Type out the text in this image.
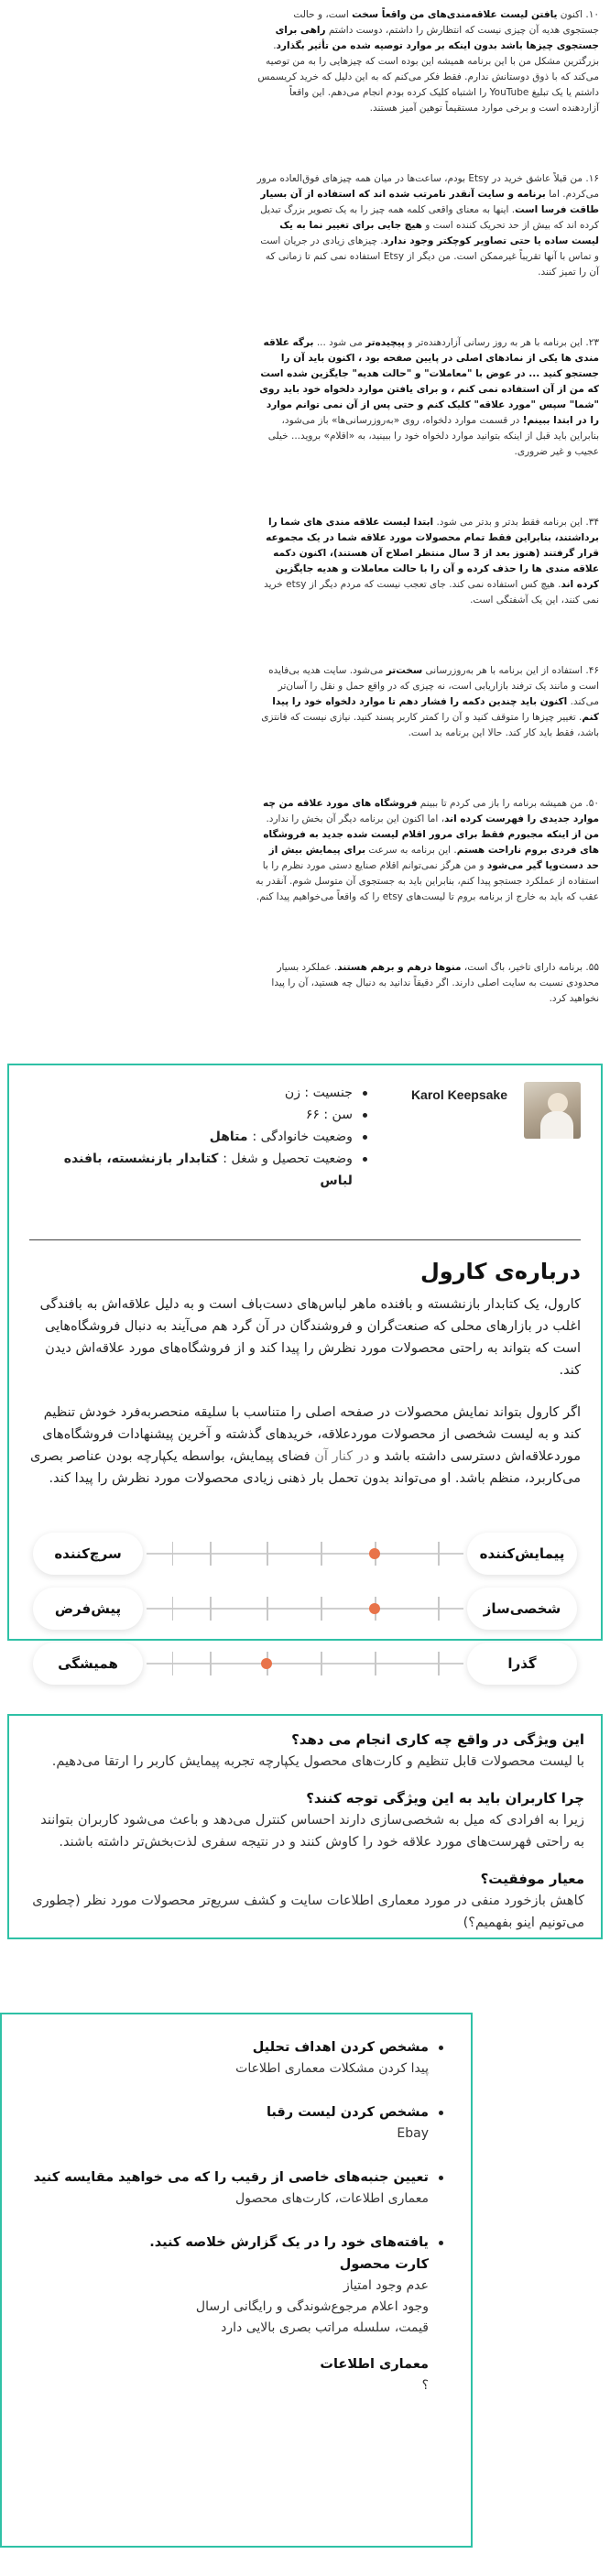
۱۰. اکنون یافتن لیست علاقه‌مندی‌های من واقعاً سخت است، و حالت جستجوی هدیه آن چیزی نیست که انتظارش را داشتم، دوست داشتم راهی برای جستجوی چیزها باشد بدون اینکه بر موارد توصیه شده من تأثیر بگذارد. بزرگترین مشکل من با این برنامه همیشه این بوده است که چیزهایی را به من توصیه می‌کند که با ذوق دوستانش ندارم. فقط فکر می‌کنم که به این دلیل که خرید کریسمس داشتم یا یک تبلیغ YouTube را اشتباه کلیک کرده بودم انجام می‌دهم. این واقعاً آزاردهنده است و برخی موارد مستقیماً توهین آمیز هستند.

۱۶. من قبلاً عاشق خرید در Etsy بودم، ساعت‌ها در میان همه چیزهای فوق‌العاده مرور می‌کردم. اما برنامه و سایت آنقدر نامرتب شده اند که استفاده از آن بسیار طاقت فرسا است. اینها به معنای واقعی کلمه همه چیز را به یک تصویر بزرگ تبدیل کرده اند که بیش از حد تحریک کننده است و هیچ جایی برای تغییر نما به یک لیست ساده یا حتی تصاویر کوچکتر وجود ندارد. چیزهای زیادی در جریان است و تماس با آنها تقریباً غیرممکن است. من دیگر از Etsy استفاده نمی کنم تا زمانی که آن را تمیز کنند.

۲۳. این برنامه با هر به روز رسانی آزاردهنده‌تر و پیچیده‌تر می شود ... برگه علاقه مندی ها یکی از نمادهای اصلی در پایین صفحه بود ، اکنون باید آن را جستجو کنید ... در عوض با "معاملات" و "حالت هدیه" جایگزین شده است که من از آن استفاده نمی کنم ، و برای یافتن موارد دلخواه خود باید روی "شما" سپس "مورد علاقه" کلیک کنم و حتی پس از آن نمی توانم موارد را در ابتدا ببینم! در قسمت موارد دلخواه، روی «به‌روزرسانی‌ها» باز می‌شود، بنابراین باید قبل از اینکه بتوانید موارد دلخواه خود را ببینید، به «اقلام» بروید... خیلی عجیب و غیر ضروری.

۳۴. این برنامه فقط بدتر و بدتر می شود. ابتدا لیست علاقه مندی های شما را برداشتند، بنابراین فقط تمام محصولات مورد علاقه شما در یک مجموعه قرار گرفتند (هنوز بعد از 3 سال منتظر اصلاح آن هستند)، اکنون دکمه علاقه مندی ها را حذف کرده و آن را با حالت معاملات و هدیه جایگزین کرده اند. هیچ کس استفاده نمی کند. جای تعجب نیست که مردم دیگر از etsy خرید نمی کنند، این یک آشفتگی است.

۴۶. استفاده از این برنامه با هر به‌روزرسانی سخت‌تر می‌شود. سایت هدیه بی‌فایده است و مانند یک ترفند بازاریابی است، نه چیزی که در واقع حمل و نقل را آسان‌تر می‌کند. اکنون باید چندین دکمه را فشار دهم تا موارد دلخواه خود را پیدا کنم. تغییر چیزها را متوقف کنید و آن را کمتر کاربر پسند کنید. نیازی نیست که فانتزی باشد، فقط باید کار کند. حالا این برنامه بد است.

۵۰. من همیشه برنامه را باز می کردم تا ببینم فروشگاه های مورد علاقه من چه موارد جدیدی را فهرست کرده اند، اما اکنون این برنامه دیگر آن بخش را ندارد. من از اینکه مجبورم فقط برای مرور اقلام لیست شده جدید به فروشگاه های فردی بروم ناراحت هستم. این برنامه به سرعت برای پیمایش بیش از حد دست‌وپا گیر می‌شود و من هرگز نمی‌توانم اقلام صنایع دستی مورد نظرم را با استفاده از عملکرد جستجو پیدا کنم، بنابراین باید به جستجوی آن متوسل شوم. آنقدر به عقب که باید به خارج از برنامه بروم تا لیست‌های etsy را که واقعاً می‌خواهیم پیدا کنم.

۵۵. برنامه دارای تاخیر، باگ است، منوها درهم و برهم هستند. عملکرد بسیار محدودی نسبت به سایت اصلی دارند. اگر دقیقاً ندانید به دنبال چه هستید، آن را پیدا نخواهید کرد.

Karol Keepsake
جنسیت : زن
سن : ۶۶
وضعیت خانوادگی : متاهل
وضعیت تحصیل و شغل : کتابدار بازنشسته، بافنده لباس
درباره‌ی کارول

کارول، یک کتابدار بازنشسته و بافنده ماهر لباس‌های دست‌باف است و به دلیل علاقه‌اش به بافندگی اغلب در بازارهای محلی که صنعت‌گران و فروشندگان در آن گرد هم می‌آیند به دنبال فروشگاه‌هایی است که بتواند به راحتی محصولات مورد نظرش را پیدا کند و از فروشگاه‌های مورد علاقه‌اش دیدن کند.

اگر کارول بتواند نمایش محصولات در صفحه اصلی را متناسب با سلیقه منحصربه‌فرد خودش تنظیم کند و به لیست شخصی از محصولات موردعلاقه، خریدهای گذشته و آخرین پیشنهادات فروشگاه‌های موردعلاقه‌اش دسترسی داشته باشد و در کنار آن فضای پیمایش، بواسطه یکپارچه بودن عناصر بصری می‌کاربرد، منظم باشد. او می‌تواند بدون تحمل بار ذهنی زیادی محصولات مورد نظرش را پیدا کند.

پیمایش‌کننده
سرچ‌کننده
شخصی‌ساز
پیش‌فرض
گذرا
همیشگی
این ویژگی در واقع چه کاری انجام می دهد؟
با لیست محصولات قابل تنظیم و کارت‌های محصول یکپارچه تجربه پیمایش کاربر را ارتقا می‌دهیم.
چرا کاربران باید به این ویژگی توجه کنند؟
زیرا به افرادی که میل به شخصی‌سازی دارند احساس کنترل می‌دهد و باعث می‌شود کاربران بتوانند به راحتی فهرست‌های مورد علاقه خود را کاوش کنند و در نتیجه سفری لذت‌بخش‌تر داشته باشند.
معیار موفقیت؟
کاهش بازخورد منفی در مورد معماری اطلاعات سایت و کشف سریع‌تر محصولات مورد نظر (چطوری می‌تونیم اینو بفهمیم؟)
مشخص کردن اهداف تحلیل
پیدا کردن مشکلات معماری اطلاعات
مشخص کردن لیست رقبا
Ebay
تعیین جنبه‌های خاصی از رقیب را که می خواهید مقایسه کنید
معماری اطلاعات، کارت‌های محصول
یافته‌های خود را در یک گزارش خلاصه کنید.
کارت محصول
عدم وجود امتیاز
وجود اعلام مرجوع‌شوندگی و رایگانی ارسال
قیمت، سلسله مراتب بصری بالایی دارد
معماری اطلاعات
؟
